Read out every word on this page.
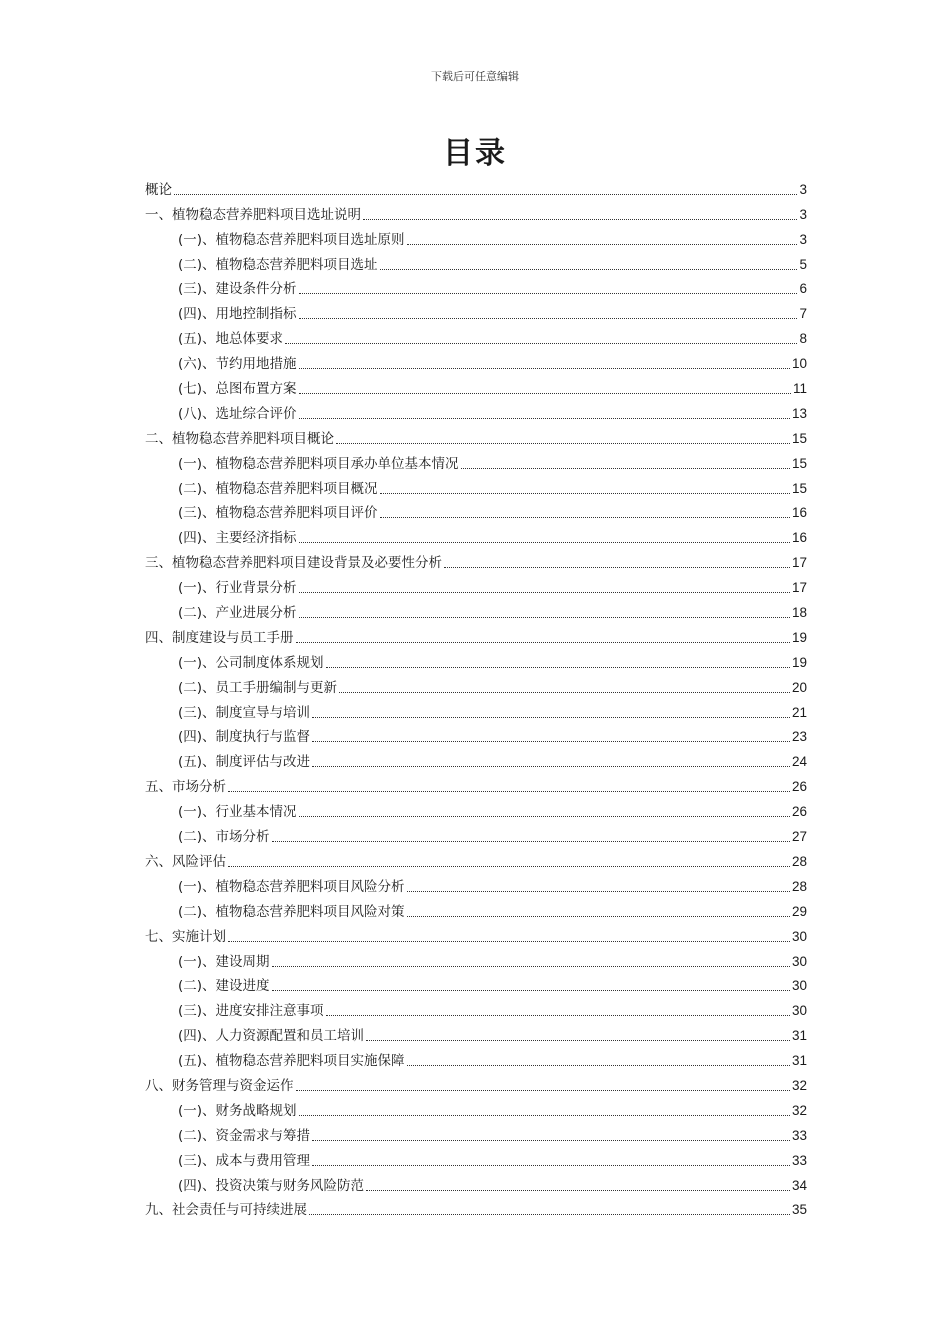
下载后可任意编辑
目录
概论	3
一、植物稳态营养肥料项目选址说明	3
(一)、植物稳态营养肥料项目选址原则	3
(二)、植物稳态营养肥料项目选址	5
(三)、建设条件分析	6
(四)、用地控制指标	7
(五)、地总体要求	8
(六)、节约用地措施	10
(七)、总图布置方案	11
(八)、选址综合评价	13
二、植物稳态营养肥料项目概论	15
(一)、植物稳态营养肥料项目承办单位基本情况	15
(二)、植物稳态营养肥料项目概况	15
(三)、植物稳态营养肥料项目评价	16
(四)、主要经济指标	16
三、植物稳态营养肥料项目建设背景及必要性分析	17
(一)、行业背景分析	17
(二)、产业进展分析	18
四、制度建设与员工手册	19
(一)、公司制度体系规划	19
(二)、员工手册编制与更新	20
(三)、制度宣导与培训	21
(四)、制度执行与监督	23
(五)、制度评估与改进	24
五、市场分析	26
(一)、行业基本情况	26
(二)、市场分析	27
六、风险评估	28
(一)、植物稳态营养肥料项目风险分析	28
(二)、植物稳态营养肥料项目风险对策	29
七、实施计划	30
(一)、建设周期	30
(二)、建设进度	30
(三)、进度安排注意事项	30
(四)、人力资源配置和员工培训	31
(五)、植物稳态营养肥料项目实施保障	31
八、财务管理与资金运作	32
(一)、财务战略规划	32
(二)、资金需求与筹措	33
(三)、成本与费用管理	33
(四)、投资决策与财务风险防范	34
九、社会责任与可持续进展	35
